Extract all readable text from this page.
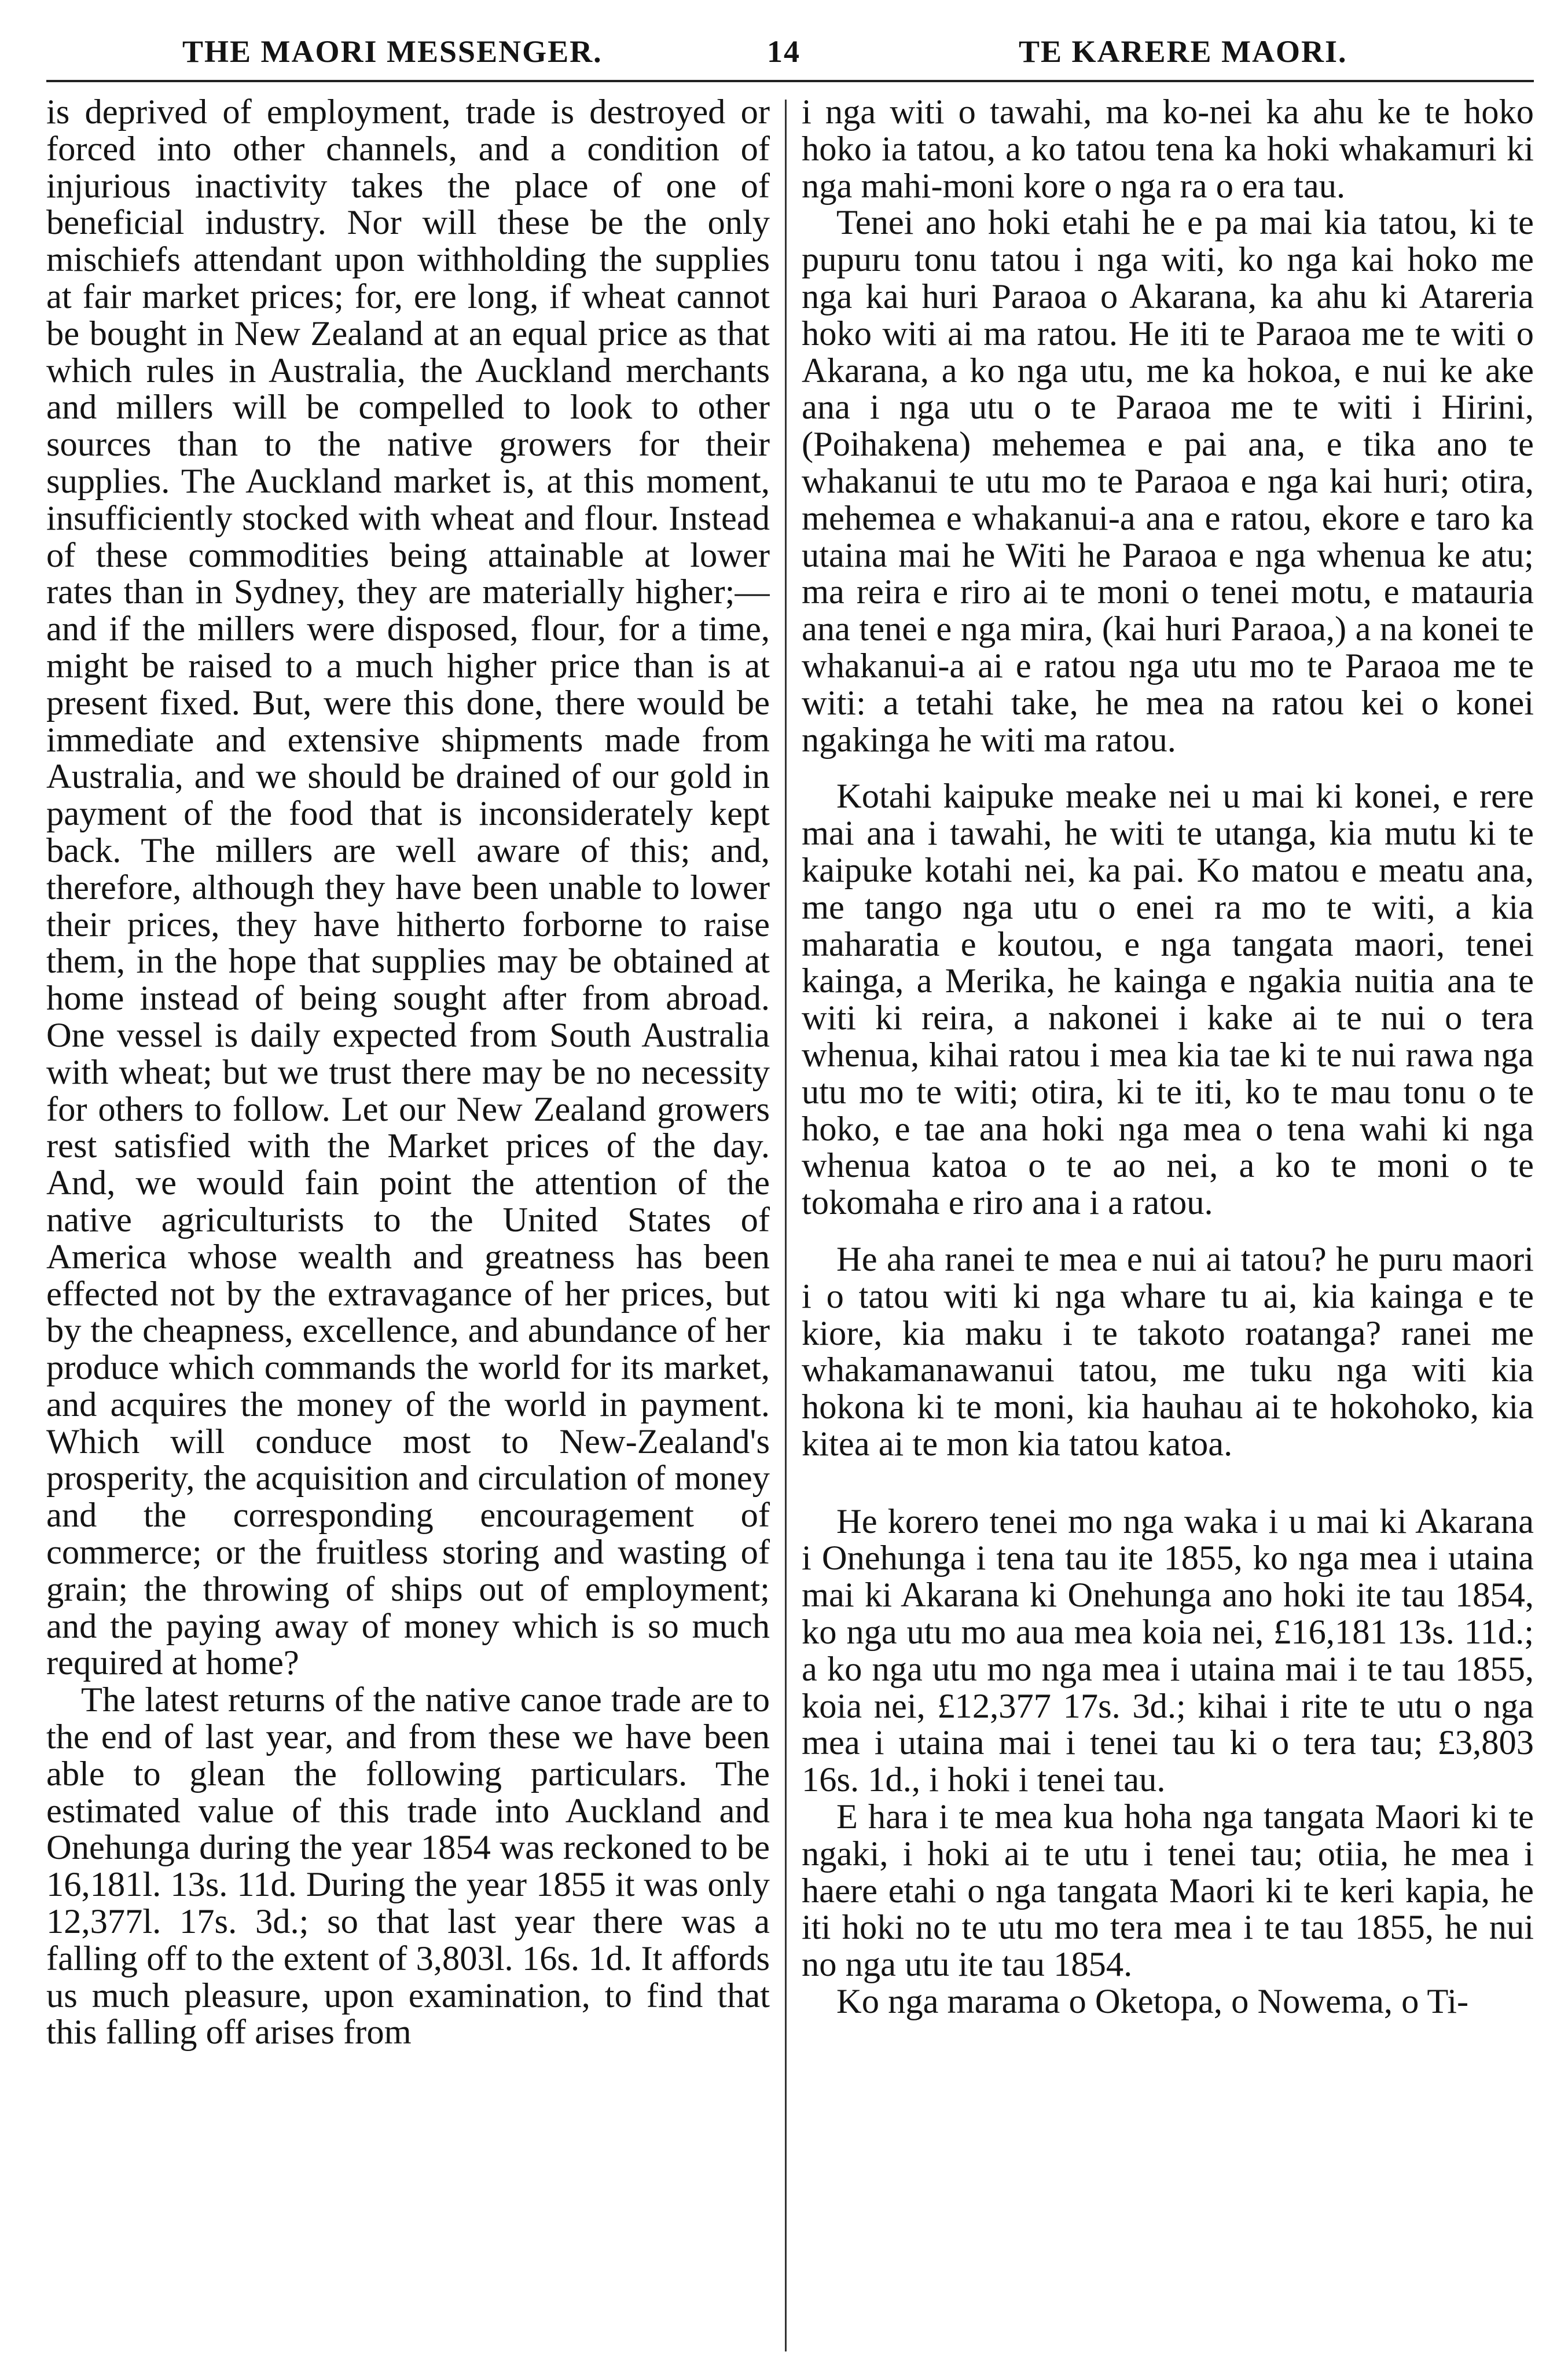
THE MAORI MESSENGER.	14	TE KARERE MAORI.

is deprived of employment, trade is destroyed or forced into other channels, and a condition of injurious inactivity takes the place of one of beneficial industry. Nor will these be the only mischiefs attendant upon withholding the supplies at fair market prices; for, ere long, if wheat cannot be bought in New Zealand at an equal price as that which rules in Australia, the Auckland merchants and millers will be compelled to look to other sources than to the native growers for their supplies. The Auckland market is, at this moment, insufficiently stocked with wheat and flour. Instead of these commodities being attainable at lower rates than in Sydney, they are materially higher;—and if the millers were disposed, flour, for a time, might be raised to a much higher price than is at present fixed. But, were this done, there would be immediate and extensive shipments made from Australia, and we should be drained of our gold in payment of the food that is inconsiderately kept back. The millers are well aware of this; and, therefore, although they have been unable to lower their prices, they have hitherto forborne to raise them, in the hope that supplies may be obtained at home instead of being sought after from abroad. One vessel is daily expected from South Australia with wheat; but we trust there may be no necessity for others to follow. Let our New Zealand growers rest satisfied with the Market prices of the day. And, we would fain point the attention of the native agriculturists to the United States of America whose wealth and greatness has been effected not by the extravagance of her prices, but by the cheapness, excellence, and abundance of her produce which commands the world for its market, and acquires the money of the world in payment. Which will conduce most to New-Zealand's prosperity, the acquisition and circulation of money and the corresponding encouragement of commerce; or the fruitless storing and wasting of grain; the throwing of ships out of employment; and the paying away of money which is so much required at home?

The latest returns of the native canoe trade are to the end of last year, and from these we have been able to glean the following particulars. The estimated value of this trade into Auckland and Onehunga during the year 1854 was reckoned to be 16,181l. 13s. 11d. During the year 1855 it was only 12,377l. 17s. 3d.; so that last year there was a falling off to the extent of 3,803l. 16s. 1d. It affords us much pleasure, upon examination, to find that this falling off arises from

i nga witi o tawahi, ma ko-nei ka ahu ke te hoko hoko ia tatou, a ko tatou tena ka hoki whakamuri ki nga mahi-moni kore o nga ra o era tau.

Tenei ano hoki etahi he e pa mai kia tatou, ki te pupuru tonu tatou i nga witi, ko nga kai hoko me nga kai huri Paraoa o Akarana, ka ahu ki Atareria hoko witi ai ma ratou. He iti te Paraoa me te witi o Akarana, a ko nga utu, me ka hokoa, e nui ke ake ana i nga utu o te Paraoa me te witi i Hirini, (Poihakena) mehemea e pai ana, e tika ano te whakanui te utu mo te Paraoa e nga kai huri; otira, mehemea e whakanui-a ana e ratou, ekore e taro ka utaina mai he Witi he Paraoa e nga whenua ke atu; ma reira e riro ai te moni o tenei motu, e matauria ana tenei e nga mira, (kai huri Paraoa,) a na konei te whakanui-a ai e ratou nga utu mo te Paraoa me te witi: a tetahi take, he mea na ratou kei o konei ngakinga he witi ma ratou.

Kotahi kaipuke meake nei u mai ki konei, e rere mai ana i tawahi, he witi te utanga, kia mutu ki te kaipuke kotahi nei, ka pai. Ko matou e meatu ana, me tango nga utu o enei ra mo te witi, a kia maharatia e koutou, e nga tangata maori, tenei kainga, a Merika, he kainga e ngakia nuitia ana te witi ki reira, a nakonei i kake ai te nui o tera whenua, kihai ratou i mea kia tae ki te nui rawa nga utu mo te witi; otira, ki te iti, ko te mau tonu o te hoko, e tae ana hoki nga mea o tena wahi ki nga whenua katoa o te ao nei, a ko te moni o te tokomaha e riro ana i a ratou.

He aha ranei te mea e nui ai tatou? he puru maori i o tatou witi ki nga whare tu ai, kia kainga e te kiore, kia maku i te takoto roatanga? ranei me whakamanawanui tatou, me tuku nga witi kia hokona ki te moni, kia hauhau ai te hokohoko, kia kitea ai te mon kia tatou katoa.

He korero tenei mo nga waka i u mai ki Akarana i Onehunga i tena tau ite 1855, ko nga mea i utaina mai ki Akarana ki Onehunga ano hoki ite tau 1854, ko nga utu mo aua mea koia nei, £16,181 13s. 11d.; a ko nga utu mo nga mea i utaina mai i te tau 1855, koia nei, £12,377 17s. 3d.; kihai i rite te utu o nga mea i utaina mai i tenei tau ki o tera tau; £3,803 16s. 1d., i hoki i tenei tau.

E hara i te mea kua hoha nga tangata Maori ki te ngaki, i hoki ai te utu i tenei tau; otiia, he mea i haere etahi o nga tangata Maori ki te keri kapia, he iti hoki no te utu mo tera mea i te tau 1855, he nui no nga utu ite tau 1854.

Ko nga marama o Oketopa, o Nowema, o Ti-
